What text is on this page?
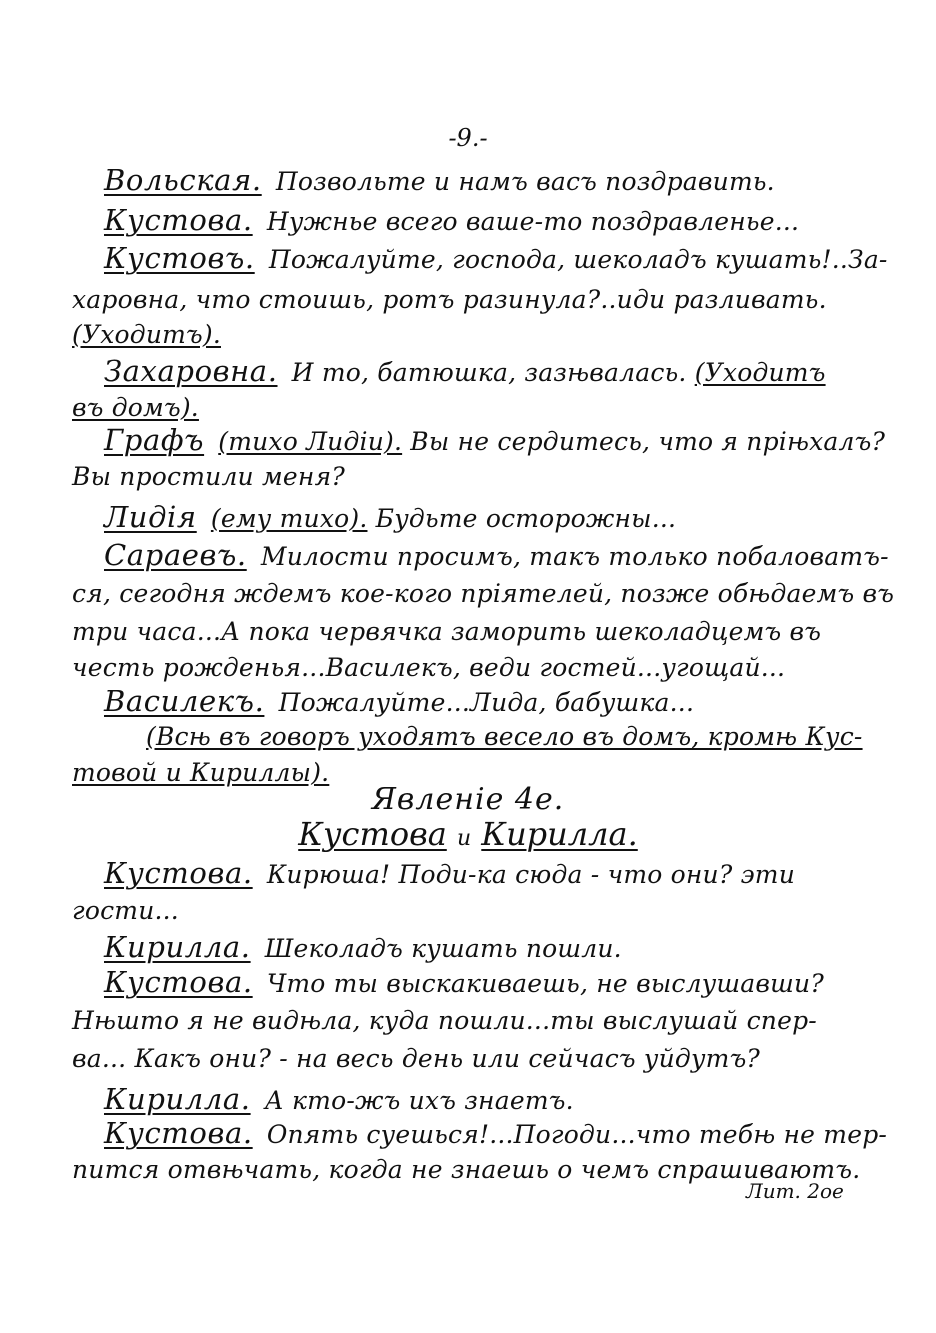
-9.-
Вольская. Позвольте и намъ васъ поздравить.
Кустова. Нужнье всего ваше-то поздравленье...
Кустовъ. Пожалуйте, господа, шеколадъ кушать!..За-
харовна, что стоишь, ротъ разинула?..иди разливать.
(Уходитъ).
Захаровна. И то, батюшка, зазњвалась. (Уходитъ
въ домъ).
Графъ (тихо Лидіи). Вы не сердитесь, что я пріњхалъ?
Вы простили меня?
Лидія (ему тихо). Будьте осторожны...
Сараевъ. Милости просимъ, такъ только побаловатъ-
ся, сегодня ждемъ кое-кого пріятелей, позже обњдаемъ въ
три часа...А пока червячка заморить шеколадцемъ въ
честь рожденья...Василекъ, веди гостей...угощай...
Василекъ. Пожалуйте...Лида, бабушка...
(Всњ въ говоръ уходятъ весело въ домъ, кромњ Кус-
товой и Кириллы).
Явленіе 4е.
Кустова и Кирилла.
Кустова. Кирюша! Поди-ка сюда - что они? эти
гости...
Кирилла. Шеколадъ кушать пошли.
Кустова. Что ты выскакиваешь, не выслушавши?
Нњшто я не видњла, куда пошли...ты выслушай спер-
ва... Какъ они? - на весь день или сейчасъ уйдутъ?
Кирилла. А кто-жъ ихъ знаетъ.
Кустова. Опять суешься!...Погоди...что тебњ не тер-
пится отвњчать, когда не знаешь о чемъ спрашиваютъ.
Лит. 2ое
